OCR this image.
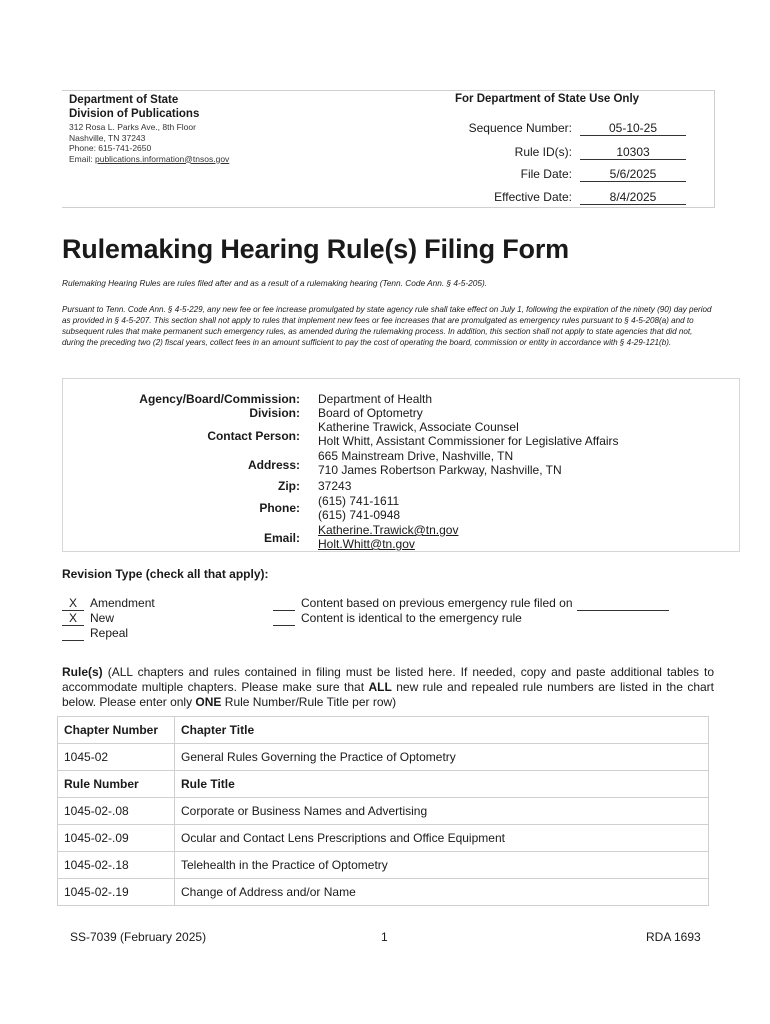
Department of State
Division of Publications
312 Rosa L. Parks Ave., 8th Floor
Nashville, TN 37243
Phone: 615-741-2650
Email: publications.information@tnsos.gov
For Department of State Use Only
Sequence Number:	05-10-25
Rule ID(s):	10303
File Date:	5/6/2025
Effective Date:	8/4/2025
Rulemaking Hearing Rule(s) Filing Form
Rulemaking Hearing Rules are rules filed after and as a result of a rulemaking hearing (Tenn. Code Ann. § 4-5-205).
Pursuant to Tenn. Code Ann. § 4-5-229, any new fee or fee increase promulgated by state agency rule shall take effect on July 1, following the expiration of the ninety (90) day period as provided in § 4-5-207. This section shall not apply to rules that implement new fees or fee increases that are promulgated as emergency rules pursuant to § 4-5-208(a) and to subsequent rules that make permanent such emergency rules, as amended during the rulemaking process. In addition, this section shall not apply to state agencies that did not, during the preceding two (2) fiscal years, collect fees in an amount sufficient to pay the cost of operating the board, commission or entity in accordance with § 4-29-121(b).
Agency/Board/Commission: Department of Health
Division: Board of Optometry
Contact Person:
Katherine Trawick, Associate Counsel
Holt Whitt, Assistant Commissioner for Legislative Affairs
Address:
665 Mainstream Drive, Nashville, TN
710 James Robertson Parkway, Nashville, TN
Zip: 37243
Phone: (615) 741-1611
(615) 741-0948
Email:
Katherine.Trawick@tn.gov
Holt.Whitt@tn.gov
Revision Type (check all that apply):
X Amendment
X New
Repeal
Content based on previous emergency rule filed on
Content is identical to the emergency rule
Rule(s) (ALL chapters and rules contained in filing must be listed here. If needed, copy and paste additional tables to accommodate multiple chapters. Please make sure that ALL new rule and repealed rule numbers are listed in the chart below. Please enter only ONE Rule Number/Rule Title per row)
Chapter Number	Chapter Title
1045-02	General Rules Governing the Practice of Optometry
Rule Number	Rule Title
1045-02-.08	Corporate or Business Names and Advertising
1045-02-.09	Ocular and Contact Lens Prescriptions and Office Equipment
1045-02-.18	Telehealth in the Practice of Optometry
1045-02-.19	Change of Address and/or Name
SS-7039 (February 2025)	1	RDA 1693
